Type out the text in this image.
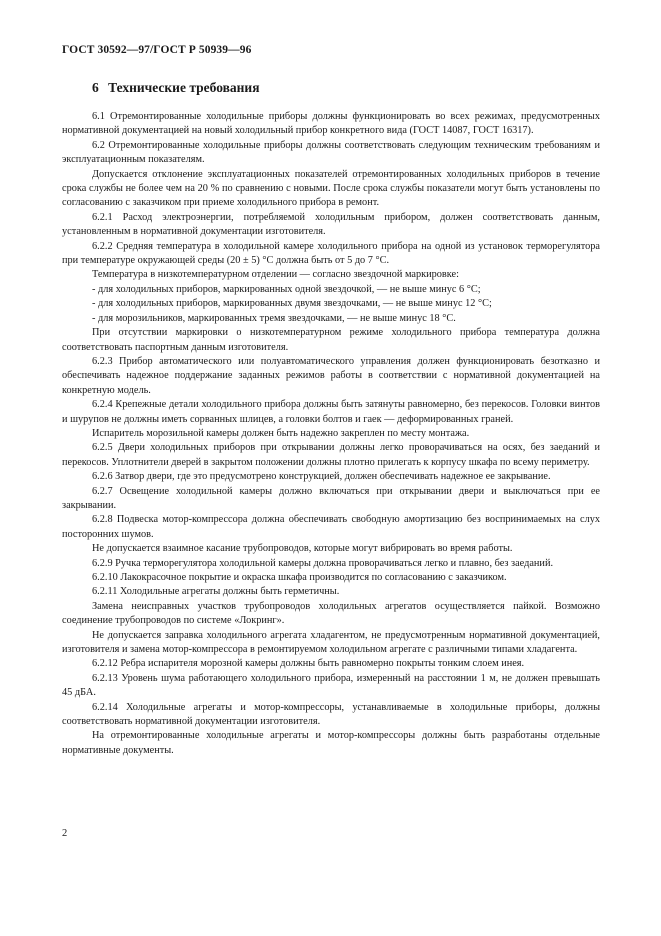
ГОСТ 30592—97/ГОСТ Р 50939—96
6 Технические требования

6.1 Отремонтированные холодильные приборы должны функционировать во всех режимах, предусмотренных нормативной документацией на новый холодильный прибор конкретного вида (ГОСТ 14087, ГОСТ 16317).

6.2 Отремонтированные холодильные приборы должны соответствовать следующим техническим требованиям и эксплуатационным показателям.

Допускается отклонение эксплуатационных показателей отремонтированных холодильных приборов в течение срока службы не более чем на 20 % по сравнению с новыми. После срока службы показатели могут быть установлены по согласованию с заказчиком при приеме холодильного прибора в ремонт.

6.2.1 Расход электроэнергии, потребляемой холодильным прибором, должен соответствовать данным, установленным в нормативной документации изготовителя.

6.2.2 Средняя температура в холодильной камере холодильного прибора на одной из установок терморегулятора при температуре окружающей среды (20 ± 5) °С должна быть от 5 до 7 °С.

Температура в низкотемпературном отделении — согласно звездочной маркировке:

- для холодильных приборов, маркированных одной звездочкой, — не выше минус 6 °С;

- для холодильных приборов, маркированных двумя звездочками, — не выше минус 12 °С;

- для морозильников, маркированных тремя звездочками, — не выше минус 18 °С.

При отсутствии маркировки о низкотемпературном режиме холодильного прибора температура должна соответствовать паспортным данным изготовителя.

6.2.3 Прибор автоматического или полуавтоматического управления должен функционировать безотказно и обеспечивать надежное поддержание заданных режимов работы в соответствии с нормативной документацией на конкретную модель.

6.2.4 Крепежные детали холодильного прибора должны быть затянуты равномерно, без перекосов. Головки винтов и шурупов не должны иметь сорванных шлицев, а головки болтов и гаек — деформированных граней.

Испаритель морозильной камеры должен быть надежно закреплен по месту монтажа.

6.2.5 Двери холодильных приборов при открывании должны легко проворачиваться на осях, без заеданий и перекосов. Уплотнители дверей в закрытом положении должны плотно прилегать к корпусу шкафа по всему периметру.

6.2.6 Затвор двери, где это предусмотрено конструкцией, должен обеспечивать надежное ее закрывание.

6.2.7 Освещение холодильной камеры должно включаться при открывании двери и выключаться при ее закрывании.

6.2.8 Подвеска мотор-компрессора должна обеспечивать свободную амортизацию без воспринимаемых на слух посторонних шумов.

Не допускается взаимное касание трубопроводов, которые могут вибрировать во время работы.

6.2.9 Ручка терморегулятора холодильной камеры должна проворачиваться легко и плавно, без заеданий.

6.2.10 Лакокрасочное покрытие и окраска шкафа производится по согласованию с заказчиком.

6.2.11 Холодильные агрегаты должны быть герметичны.

Замена неисправных участков трубопроводов холодильных агрегатов осуществляется пайкой. Возможно соединение трубопроводов по системе «Локринг».

Не допускается заправка холодильного агрегата хладагентом, не предусмотренным нормативной документацией, изготовителя и замена мотор-компрессора в ремонтируемом холодильном агрегате с различными типами хладагента.

6.2.12 Ребра испарителя морозной камеры должны быть равномерно покрыты тонким слоем инея.

6.2.13 Уровень шума работающего холодильного прибора, измеренный на расстоянии 1 м, не должен превышать 45 дБА.

6.2.14 Холодильные агрегаты и мотор-компрессоры, устанавливаемые в холодильные приборы, должны соответствовать нормативной документации изготовителя.

На отремонтированные холодильные агрегаты и мотор-компрессоры должны быть разработаны отдельные нормативные документы.

2
